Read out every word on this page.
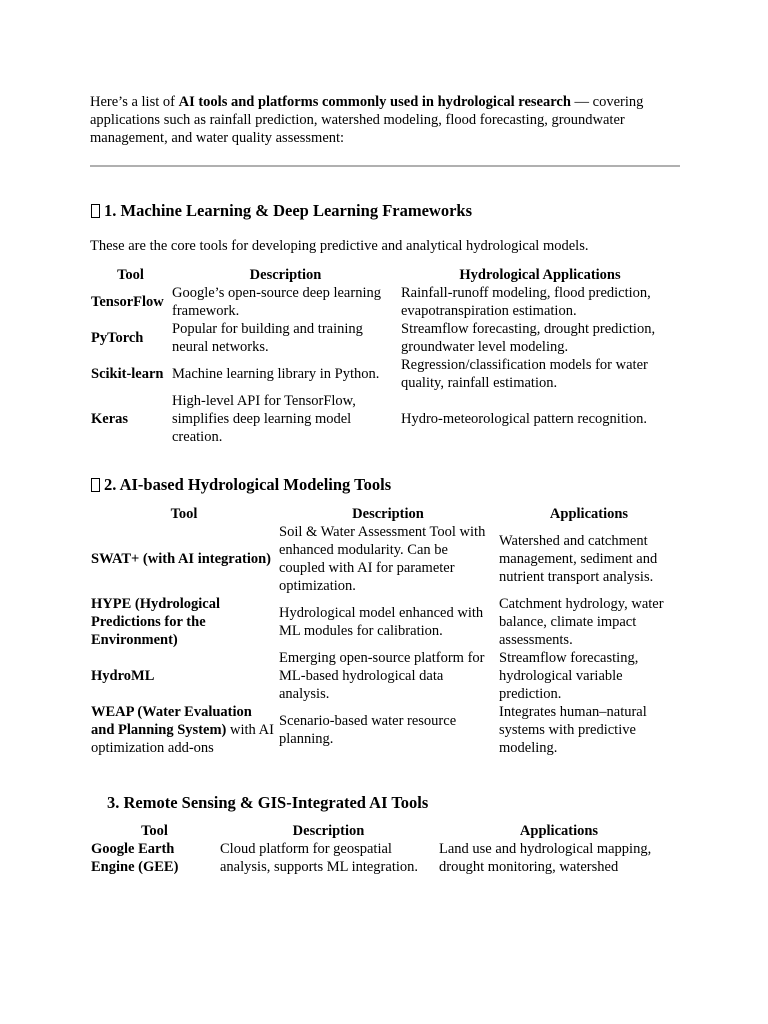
Here’s a list of AI tools and platforms commonly used in hydrological research — covering applications such as rainfall prediction, watershed modeling, flood forecasting, groundwater management, and water quality assessment:

1. Machine Learning & Deep Learning Frameworks

These are the core tools for developing predictive and analytical hydrological models.

Tool	Description	Hydrological Applications
TensorFlow	Google’s open-source deep learning framework.	Rainfall-runoff modeling, flood prediction, evapotranspiration estimation.
PyTorch	Popular for building and training neural networks.	Streamflow forecasting, drought prediction, groundwater level modeling.
Scikit-learn	Machine learning library in Python.	Regression/classification models for water quality, rainfall estimation.
Keras	High-level API for TensorFlow, simplifies deep learning model creation.	Hydro-meteorological pattern recognition.
2. AI-based Hydrological Modeling Tools
Tool	Description	Applications
SWAT+ (with AI integration)	Soil & Water Assessment Tool with enhanced modularity. Can be coupled with AI for parameter optimization.	Watershed and catchment management, sediment and nutrient transport analysis.
HYPE (Hydrological Predictions for the Environment)	Hydrological model enhanced with ML modules for calibration.	Catchment hydrology, water balance, climate impact assessments.
HydroML	Emerging open-source platform for ML-based hydrological data analysis.	Streamflow forecasting, hydrological variable prediction.
WEAP (Water Evaluation and Planning System) with AI optimization add-ons	Scenario-based water resource planning.	Integrates human–natural systems with predictive modeling.
3. Remote Sensing & GIS-Integrated AI Tools
Tool	Description	Applications
Google Earth Engine (GEE)	Cloud platform for geospatial analysis, supports ML integration.	Land use and hydrological mapping, drought monitoring, watershed
